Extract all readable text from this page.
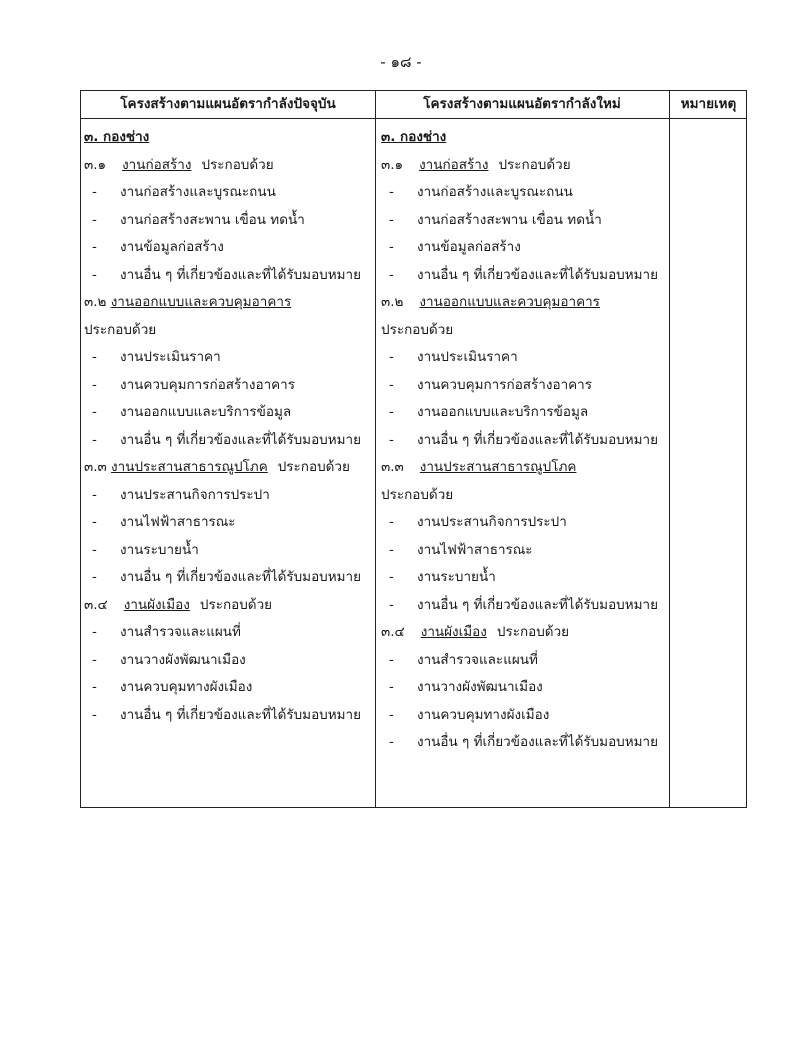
- ๑๘ -
โครงสร้างตามแผนอัตรากำลังปัจจุบัน	โครงสร้างตามแผนอัตรากำลังใหม่	หมายเหตุ
๓. กองช่าง
๓.๑ งานก่อสร้าง ประกอบด้วย
- งานก่อสร้างและบูรณะถนน
- งานก่อสร้างสะพาน เขื่อน ทดน้ำ
- งานข้อมูลก่อสร้าง
- งานอื่น ๆ ที่เกี่ยวข้องและที่ได้รับมอบหมาย
๓.๒ งานออกแบบและควบคุมอาคาร
ประกอบด้วย
- งานประเมินราคา
- งานควบคุมการก่อสร้างอาคาร
- งานออกแบบและบริการข้อมูล
- งานอื่น ๆ ที่เกี่ยวข้องและที่ได้รับมอบหมาย
๓.๓ งานประสานสาธารณูปโภค ประกอบด้วย
- งานประสานกิจการประปา
- งานไฟฟ้าสาธารณะ
- งานระบายน้ำ
- งานอื่น ๆ ที่เกี่ยวข้องและที่ได้รับมอบหมาย
๓.๔ งานผังเมือง ประกอบด้วย
- งานสำรวจและแผนที่
- งานวางผังพัฒนาเมือง
- งานควบคุมทางผังเมือง
- งานอื่น ๆ ที่เกี่ยวข้องและที่ได้รับมอบหมาย
๓. กองช่าง
๓.๑ งานก่อสร้าง ประกอบด้วย
- งานก่อสร้างและบูรณะถนน
- งานก่อสร้างสะพาน เขื่อน ทดน้ำ
- งานข้อมูลก่อสร้าง
- งานอื่น ๆ ที่เกี่ยวข้องและที่ได้รับมอบหมาย
๓.๒ งานออกแบบและควบคุมอาคาร
ประกอบด้วย
- งานประเมินราคา
- งานควบคุมการก่อสร้างอาคาร
- งานออกแบบและบริการข้อมูล
- งานอื่น ๆ ที่เกี่ยวข้องและที่ได้รับมอบหมาย
๓.๓ งานประสานสาธารณูปโภค
ประกอบด้วย
- งานประสานกิจการประปา
- งานไฟฟ้าสาธารณะ
- งานระบายน้ำ
- งานอื่น ๆ ที่เกี่ยวข้องและที่ได้รับมอบหมาย
๓.๔ งานผังเมือง ประกอบด้วย
- งานสำรวจและแผนที่
- งานวางผังพัฒนาเมือง
- งานควบคุมทางผังเมือง
- งานอื่น ๆ ที่เกี่ยวข้องและที่ได้รับมอบหมาย
